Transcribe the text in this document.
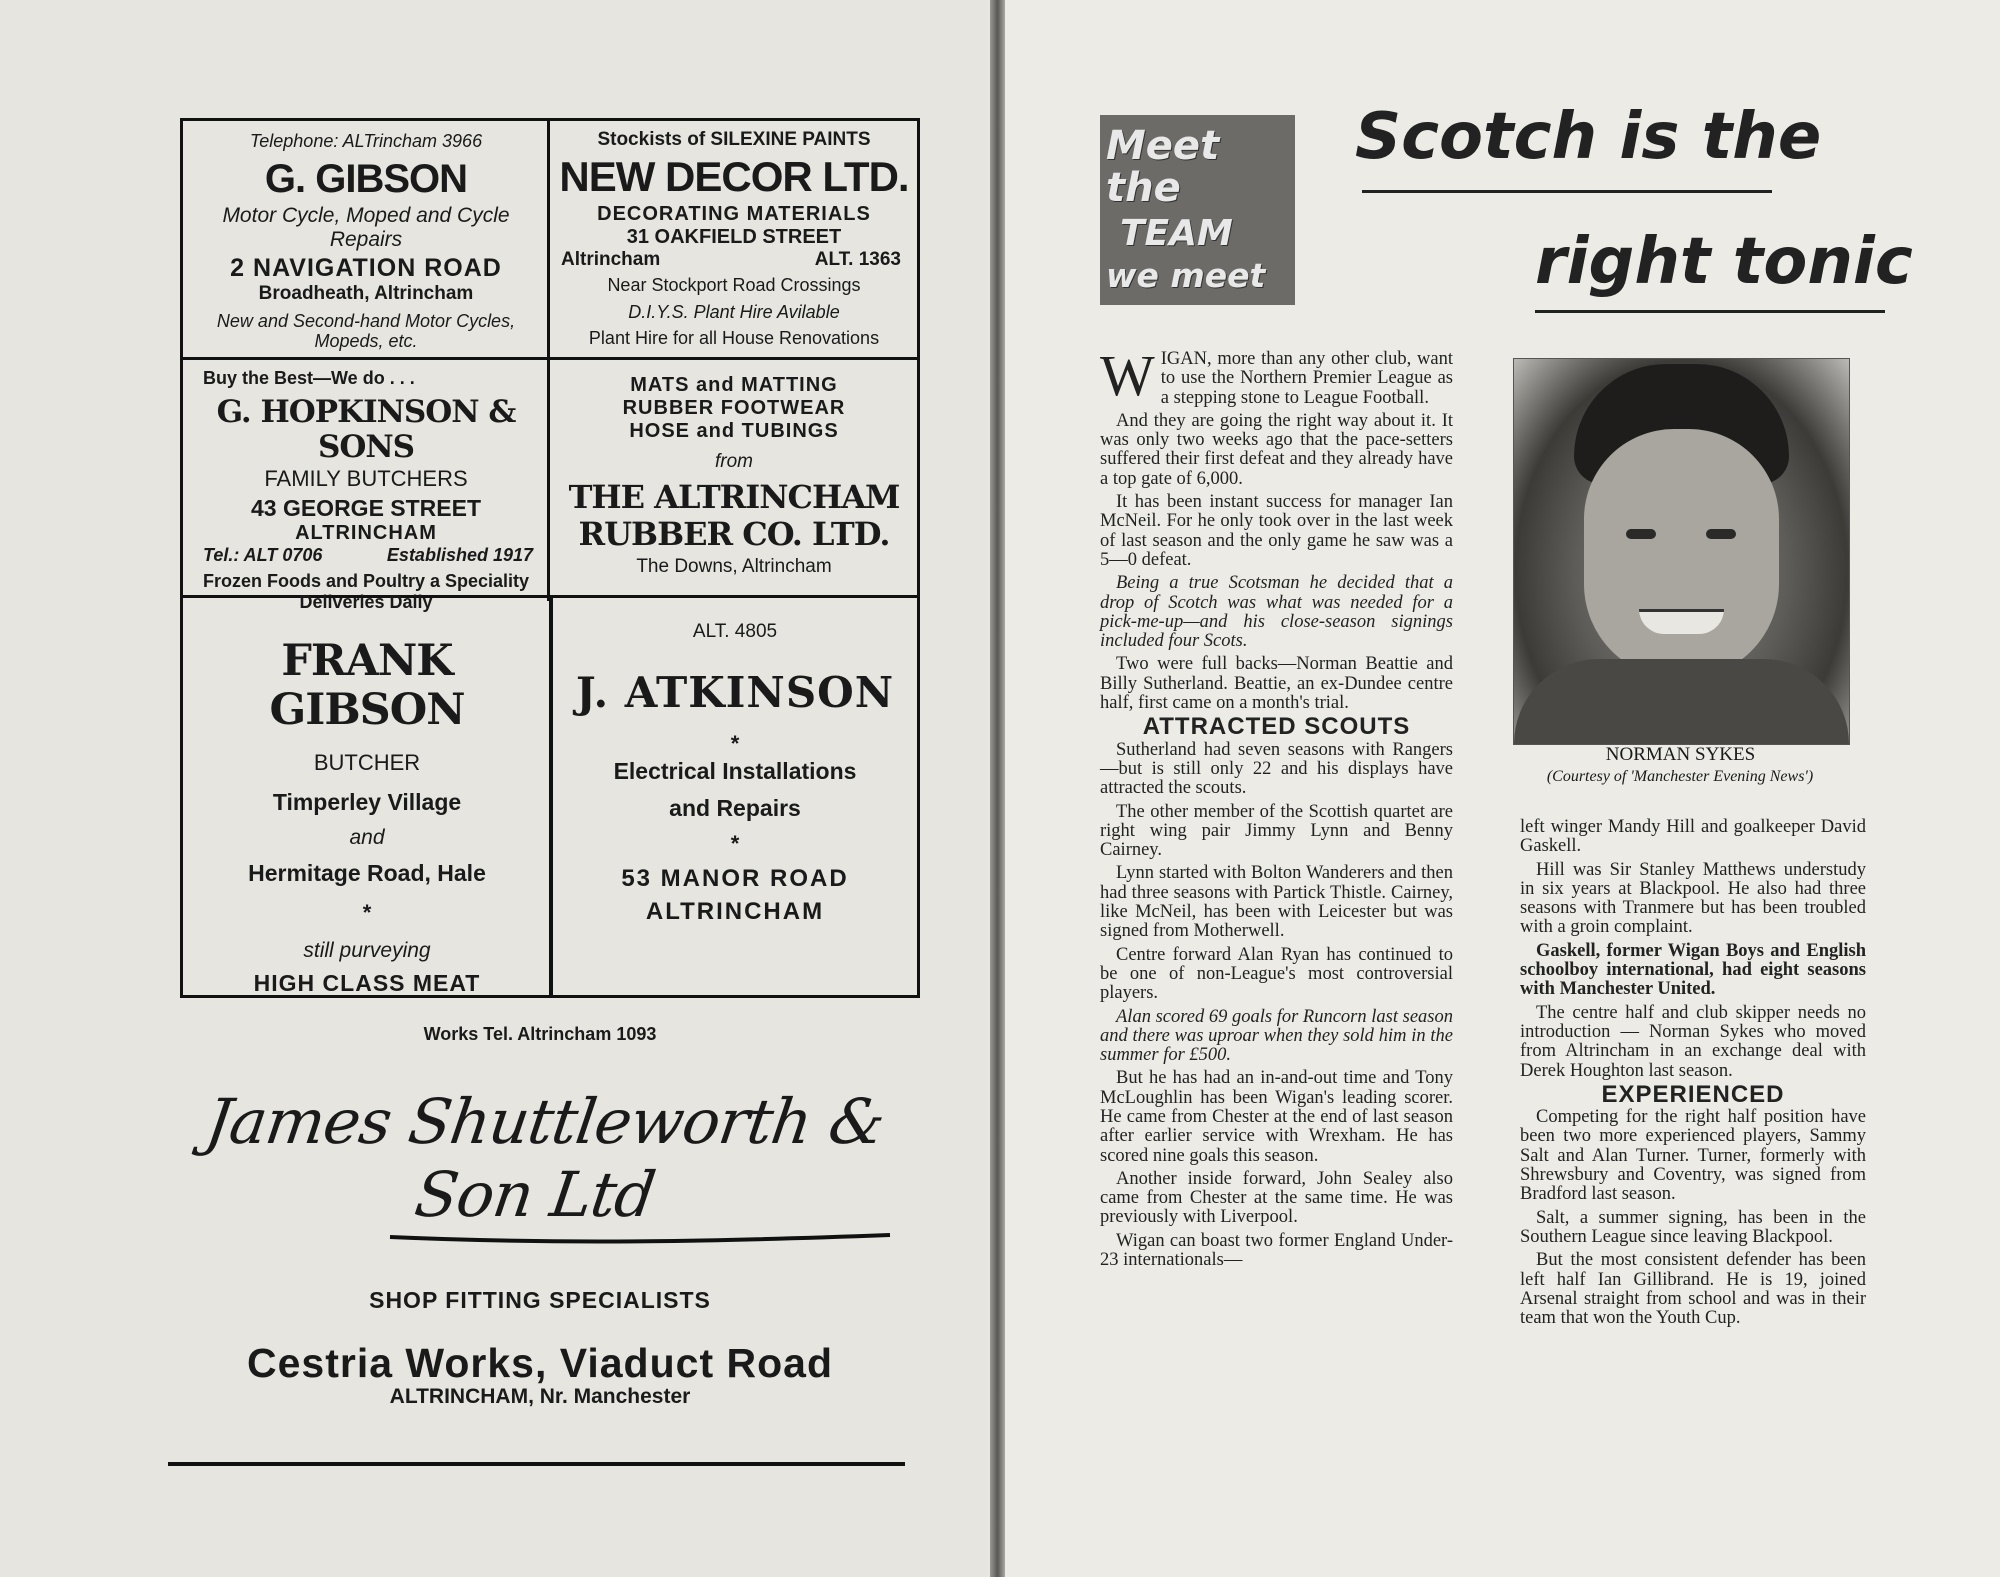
Telephone: ALTrincham 3966
G. GIBSON
Motor Cycle, Moped and Cycle
Repairs
2 NAVIGATION ROAD
Broadheath, Altrincham
New and Second-hand Motor Cycles,
Mopeds, etc.
Stockists of SILEXINE PAINTS
NEW DECOR LTD.
DECORATING MATERIALS
31 OAKFIELD STREET
Altrincham	ALT. 1363
Near Stockport Road Crossings
D.I.Y.S. Plant Hire Avilable
Plant Hire for all House Renovations
Buy the Best—We do . . .
G. HOPKINSON & SONS
FAMILY BUTCHERS
43 GEORGE STREET
ALTRINCHAM
Tel.: ALT 0706	Established 1917
Frozen Foods and Poultry a Speciality
Deliveries Daily
MATS and MATTING
RUBBER FOOTWEAR
HOSE and TUBINGS
from
THE ALTRINCHAM
RUBBER CO. LTD.
The Downs, Altrincham
FRANK GIBSON
BUTCHER
Timperley Village
and
Hermitage Road, Hale
*
still purveying
HIGH CLASS MEAT
ALT. 4805
J. ATKINSON
*
Electrical Installations
and Repairs
*
53 MANOR ROAD
ALTRINCHAM
Works Tel. Altrincham 1093
James Shuttleworth & Son Ltd
SHOP FITTING SPECIALISTS
Cestria Works, Viaduct Road
ALTRINCHAM, Nr. Manchester
Meet the
TEAM
we meet
Scotch is the
right tonic

WIGAN, more than any other club, want to use the Northern Premier League as a stepping stone to League Football.

And they are going the right way about it. It was only two weeks ago that the pace-setters suffered their first defeat and they already have a top gate of 6,000.

It has been instant success for manager Ian McNeil. For he only took over in the last week of last season and the only game he saw was a 5—0 defeat.

Being a true Scotsman he decided that a drop of Scotch was what was needed for a pick-me-up—and his close-season signings included four Scots.

Two were full backs—Norman Beattie and Billy Sutherland. Beattie, an ex-Dundee centre half, first came on a month's trial.

ATTRACTED SCOUTS

Sutherland had seven seasons with Rangers—but is still only 22 and his displays have attracted the scouts.

The other member of the Scottish quartet are right wing pair Jimmy Lynn and Benny Cairney.

Lynn started with Bolton Wanderers and then had three seasons with Partick Thistle. Cairney, like McNeil, has been with Leicester but was signed from Motherwell.

Centre forward Alan Ryan has continued to be one of non-League's most controversial players.

Alan scored 69 goals for Runcorn last season and there was uproar when they sold him in the summer for £500.

But he has had an in-and-out time and Tony McLoughlin has been Wigan's leading scorer. He came from Chester at the end of last season after earlier service with Wrexham. He has scored nine goals this season.

Another inside forward, John Sealey also came from Chester at the same time. He was previously with Liverpool.

Wigan can boast two former England Under-23 internationals—

NORMAN SYKES
(Courtesy of 'Manchester Evening News')

left winger Mandy Hill and goalkeeper David Gaskell.

Hill was Sir Stanley Matthews understudy in six years at Blackpool. He also had three seasons with Tranmere but has been troubled with a groin complaint.

Gaskell, former Wigan Boys and English schoolboy international, had eight seasons with Manchester United.

The centre half and club skipper needs no introduction — Norman Sykes who moved from Altrincham in an exchange deal with Derek Houghton last season.

EXPERIENCED

Competing for the right half position have been two more experienced players, Sammy Salt and Alan Turner. Turner, formerly with Shrewsbury and Coventry, was signed from Bradford last season.

Salt, a summer signing, has been in the Southern League since leaving Blackpool.

But the most consistent defender has been left half Ian Gillibrand. He is 19, joined Arsenal straight from school and was in their team that won the Youth Cup.
